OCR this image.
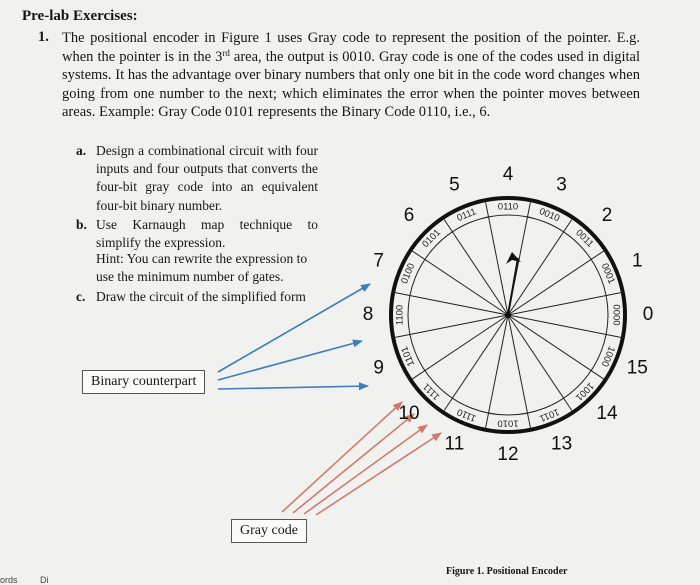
Pre-lab Exercises:
1. The positional encoder in Figure 1 uses Gray code to represent the position of the pointer. E.g. when the pointer is in the 3rd area, the output is 0010. Gray code is one of the codes used in digital systems. It has the advantage over binary numbers that only one bit in the code word changes when going from one number to the next; which eliminates the error when the pointer moves between areas. Example: Gray Code 0101 represents the Binary Code 0110, i.e., 6.
a. Design a combinational circuit with four inputs and four outputs that converts the four-bit gray code into an equivalent four-bit binary number.
b. Use Karnaugh map technique to simplify the expression.
Hint: You can rewrite the expression to use the minimum number of gates.
c. Draw the circuit of the simplified form
0000
0001
0011
0010
0110
0111
0101
0100
1100
1101
1111
1110 1010 1011
1001
1000
0
1
2
3
4
5
6
7
8
9
10
11
12
13
14
15
Binary counterpart
Gray code
Figure 1. Positional Encoder
ords Di
